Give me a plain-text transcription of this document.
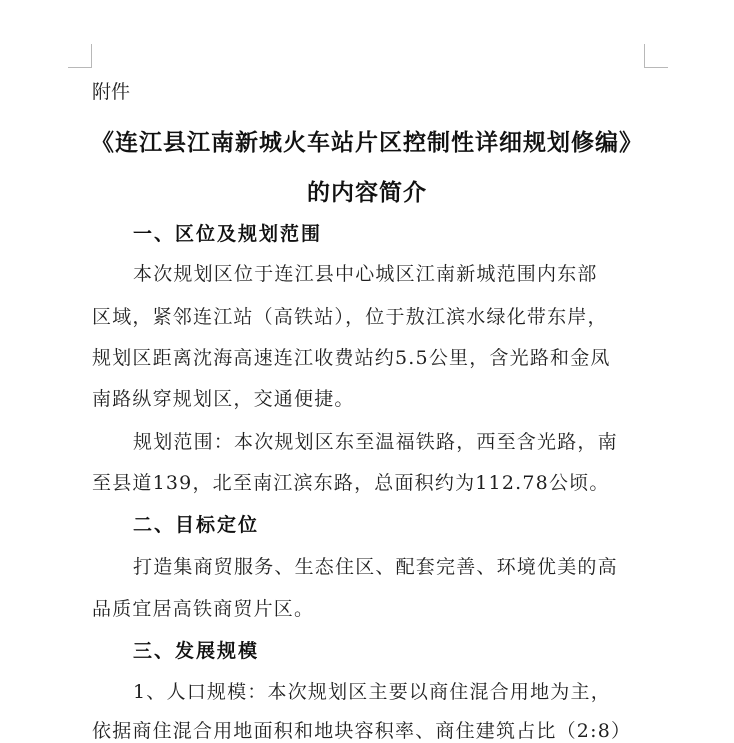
附件
《连江县江南新城火车站片区控制性详细规划修编》
的内容简介
一、区位及规划范围
本次规划区位于连江县中心城区江南新城范围内东部
区域，紧邻连江站（高铁站），位于敖江滨水绿化带东岸，
规划区距离沈海高速连江收费站约5.5公里，含光路和金凤
南路纵穿规划区，交通便捷。
规划范围：本次规划区东至温福铁路，西至含光路，南
至县道139，北至南江滨东路，总面积约为112.78公顷。
二、目标定位
打造集商贸服务、生态住区、配套完善、环境优美的高
品质宜居高铁商贸片区。
三、发展规模
1、人口规模：本次规划区主要以商住混合用地为主，
依据商住混合用地面积和地块容积率、商住建筑占比（2:8）
